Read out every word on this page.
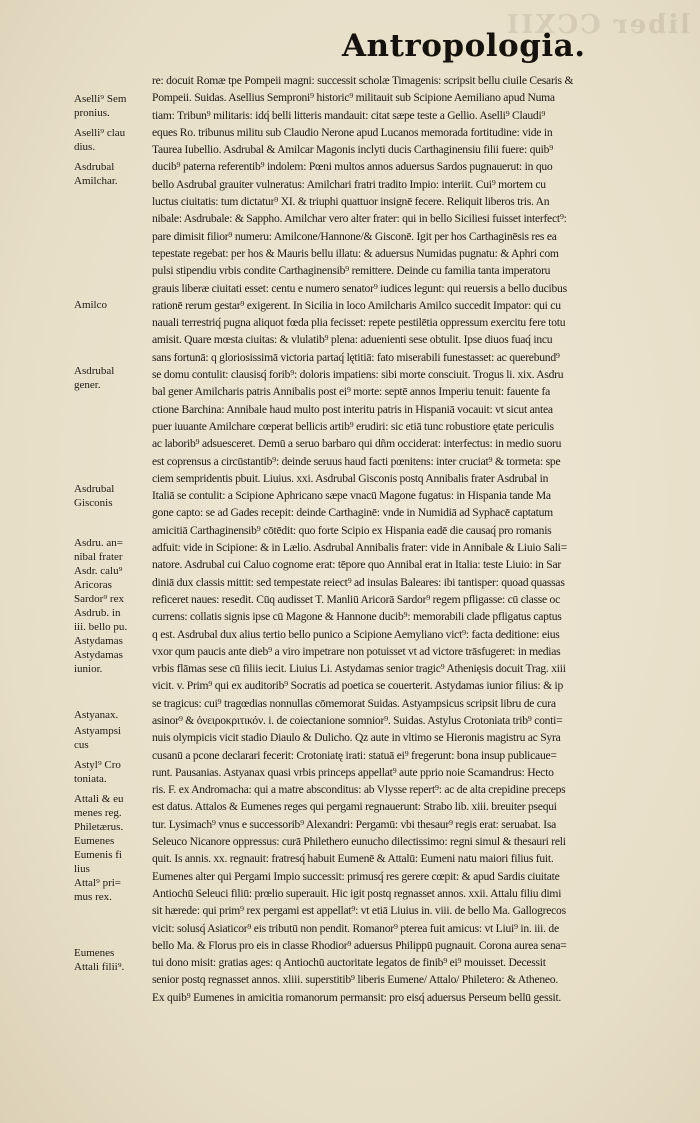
liber CCXII
Antropologia.
Aselli⁹ Sem
pronius.
Aselli⁹ clau
dius.
Asdrubal
Amilchar.
Amilco
Asdrubal
gener.
Asdrubal
Gisconis
Asdru. an=
nibal frater
Asdr. calu⁹
Aricoras
Sardor⁹ rex
Asdrub. in
iii. bello pu.
Astydamas
Astydamas
iunior.
Astyanax.
Astyampsi
cus
Astyl⁹ Cro
toniata.
Attali & eu
menes reg.
Philetærus.
Eumenes
Eumenis fi
lius
Attal⁹ pri=
mus rex.
Eumenes
Attali filii⁹.
re: docuit Romæ tpe Pompeii magni: successit scholæ Timagenis: scripsit bellu ciuile Cesaris &
Pompeii. Suidas. Asellius Semproni⁹ historic⁹ militauit sub Scipione Aemiliano apud Numa
tiam: Tribun⁹ militaris: idq́ belli litteris mandauit: citat sæpe teste a Gellio. Aselli⁹ Claudi⁹
eques Ro. tribunus militu sub Claudio Nerone apud Lucanos memorada fortitudine: vide in
Taurea Iubellio. Asdrubal & Amilcar Magonis inclyti ducis Carthaginensiu filii fuere: quib⁹
ducib⁹ paterna referentib⁹ indolem: Pœni multos annos aduersus Sardos pugnauerut: in quo
bello Asdrubal grauiter vulneratus: Amilchari fratri tradito Impio: interiit. Cui⁹ mortem cu
luctus ciuitatis: tum dictatur⁹ XI. & triuphi quattuor insignē fecere. Reliquit liberos tris. An
nibale: Asdrubale: & Sappho. Amilchar vero alter frater: qui in bello Siciliesi fuisset interfect⁹:
pare dimisit filior⁹ numeru: Amilcone/Hannone/& Gisconē. Igit per hos Carthaginēsis res ea
tepestate regebat: per hos & Mauris bellu illatu: & aduersus Numidas pugnatu: & Aphri com
pulsi stipendiu vrbis condite Carthaginensib⁹ remittere. Deinde cu familia tanta imperatoru
grauis liberæ ciuitati esset: centu e numero senator⁹ iudices legunt: qui reuersis a bello ducibus
rationē rerum gestar⁹ exigerent. In Sicilia in loco Amilcharis Amilco succedit Impator: qui cu
nauali terrestriq́ pugna aliquot fœda plia fecisset: repete pestilētia oppressum exercitu fere totu
amisit. Quare mœsta ciuitas: & vlulatib⁹ plena: aduenienti sese obtulit. Ipse diuos fuaq́ incu
sans fortunā: q gloriosissimā victoria partaq́ lętitiā: fato miserabili funestasset: ac querebund⁹
se domu contulit: clausisq́ forib⁹: doloris impatiens: sibi morte consciuit. Trogus li. xix. Asdru
bal gener Amilcharis patris Annibalis post ei⁹ morte: septē annos Imperiu tenuit: fauente fa
ctione Barchina: Annibale haud multo post interitu patris in Hispaniā vocauit: vt sicut antea
puer iuuante Amilchare cœperat bellicis artib⁹ erudiri: sic etiā tunc robustiore ętate periculis
ac laborib⁹ adsuesceret. Demū a seruo barbaro qui dñm occiderat: interfectus: in medio suoru
est coprensus a circūstantib⁹: deinde seruus haud facti pœnitens: inter cruciat⁹ & tormeta: spe
ciem sempridentis pbuit. Liuius. xxi. Asdrubal Gisconis postq Annibalis frater Asdrubal in
Italiā se contulit: a Scipione Aphricano sæpe vnacū Magone fugatus: in Hispania tande Ma
gone capto: se ad Gades recepit: deinde Carthaginē: vnde in Numidiā ad Syphacē captatum
amicitiā Carthaginensib⁹ cōtēdit: quo forte Scipio ex Hispania eadē die causaq́ pro romanis
adfuit: vide in Scipione: & in Lælio. Asdrubal Annibalis frater: vide in Annibale & Liuio Sali=
natore. Asdrubal cui Caluo cognome erat: tēpore quo Annibal erat in Italia: teste Liuio: in Sar
diniā dux classis mittit: sed tempestate reiect⁹ ad insulas Baleares: ibi tantisper: quoad quassas
reficeret naues: resedit. Cūq audisset T. Manliū Aricorā Sardor⁹ regem pfligasse: cū classe oc
currens: collatis signis ipse cū Magone & Hannone ducib⁹: memorabili clade pfligatus captus
q est. Asdrubal dux alius tertio bello punico a Scipione Aemyliano vict⁹: facta deditione: eius
vxor qum paucis ante dieb⁹ a viro impetrare non potuisset vt ad victore trāsfugeret: in medias
vrbis flāmas sese cū filiis iecit. Liuius Li. Astydamas senior tragic⁹ Athenięsis docuit Trag. xiii
vicit. v. Prim⁹ qui ex auditorib⁹ Socratis ad poetica se couerterit. Astydamas iunior filius: & ip
se tragicus: cui⁹ tragœdias nonnullas cōmemorat Suidas. Astyampsicus scripsit libru de cura
asinor⁹ & ὀνειροκριτικόν. i. de coiectanione somnior⁹. Suidas. Astylus Crotoniata trib⁹ conti=
nuis olympicis vicit stadio Diaulo & Dulicho. Qz aute in vltimo se Hieronis magistru ac Syra
cusanū a pcone declarari fecerit: Crotoniatę irati: statuā ei⁹ fregerunt: bona insup publicaue=
runt. Pausanias. Astyanax quasi vrbis princeps appellat⁹ aute pprio noie Scamandrus: Hecto
ris. F. ex Andromacha: qui a matre absconditus: ab Vlysse repert⁹: ac de alta crepidine preceps
est datus. Attalos & Eumenes reges qui pergami regnauerunt: Strabo lib. xiii. breuiter psequi
tur. Lysimach⁹ vnus e successorib⁹ Alexandri: Pergamū: vbi thesaur⁹ regis erat: seruabat. Isa
Seleuco Nicanore oppressus: curā Philethero eunucho dilectissimo: regni simul & thesauri reli
quit. Is annis. xx. regnauit: fratresq́ habuit Eumenē & Attalū: Eumeni natu maiori filius fuit.
Eumenes alter qui Pergami Impio successit: primusq́ res gerere cœpit: & apud Sardis ciuitate
Antiochū Seleuci filiū: prœlio superauit. Hic igit postq regnasset annos. xxii. Attalu filiu dimi
sit hærede: qui prim⁹ rex pergami est appellat⁹: vt etiā Liuius in. viii. de bello Ma. Gallogrecos
vicit: solusq́ Asiaticor⁹ eis tributū non pendit. Romanor⁹ ptereа fuit amicus: vt Liui⁹ in. iii. de
bello Ma. & Florus pro eis in classe Rhodior⁹ aduersus Philippū pugnauit. Corona aurea sena=
tui dono misit: gratias ages: q Antiochū auctoritate legatos de finib⁹ ei⁹ mouisset. Decessit
senior postq regnasset annos. xliii. superstitib⁹ liberis Eumene/ Attalo/ Philetero: & Atheneo.
Ex quib⁹ Eumenes in amicitia romanorum permansit: pro eisq́ aduersus Perseum bellū gessit.
